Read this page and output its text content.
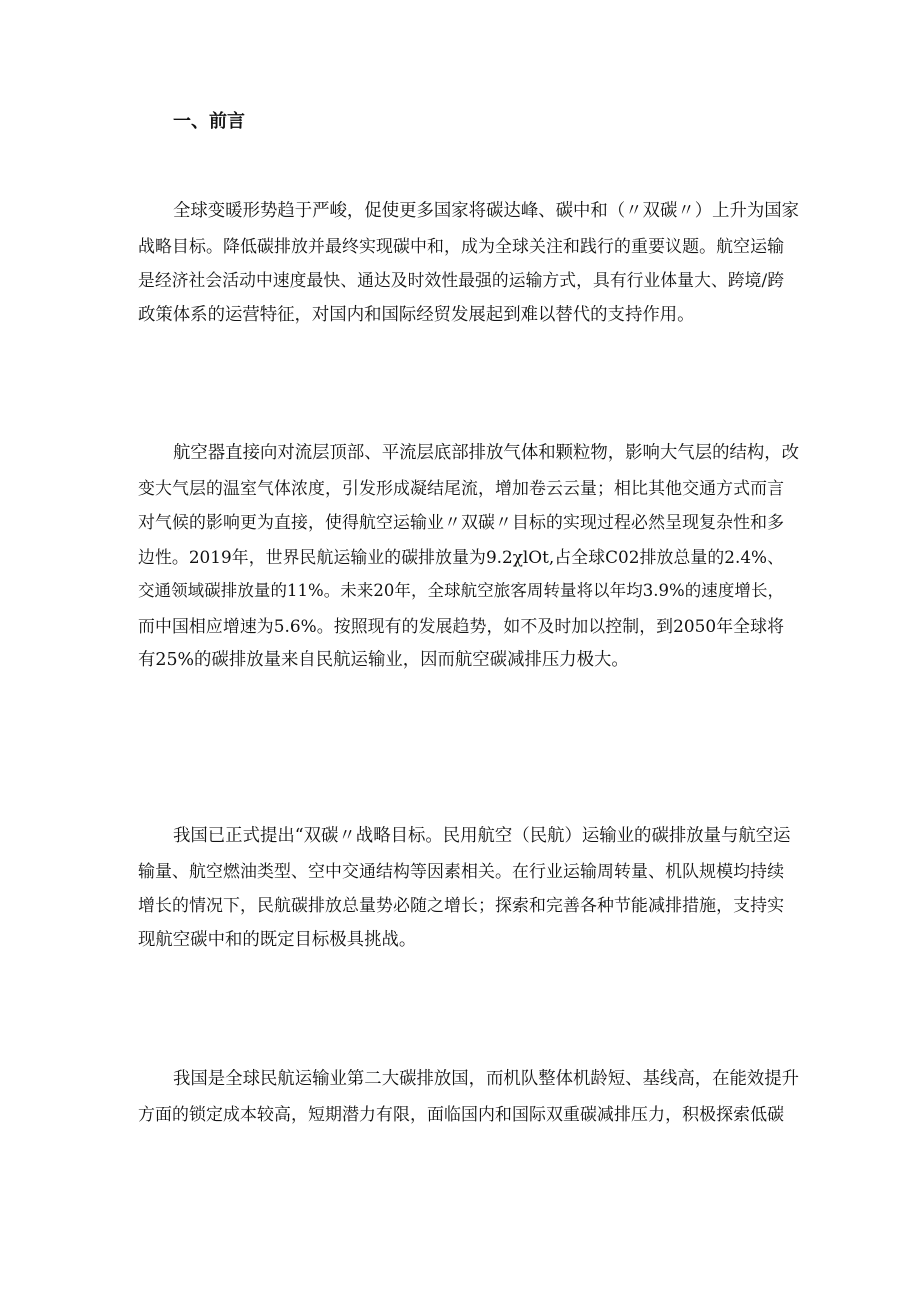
一、前言

全球变暖形势趋于严峻，促使更多国家将碳达峰、碳中和（〃双碳〃）上升为国家
战略目标。降低碳排放并最终实现碳中和，成为全球关注和践行的重要议题。航空运输
是经济社会活动中速度最快、通达及时效性最强的运输方式，具有行业体量大、跨境/跨
政策体系的运营特征，对国内和国际经贸发展起到难以替代的支持作用。

航空器直接向对流层顶部、平流层底部排放气体和颗粒物，影响大气层的结构，改
变大气层的温室气体浓度，引发形成凝结尾流，增加卷云云量；相比其他交通方式而言
对气候的影响更为直接，使得航空运输业〃双碳〃目标的实现过程必然呈现复杂性和多
边性。2019年，世界民航运输业的碳排放量为9.2χlOt,占全球C02排放总量的2.4%、
交通领域碳排放量的11%。未来20年，全球航空旅客周转量将以年均3.9%的速度增长，
而中国相应增速为5.6%。按照现有的发展趋势，如不及时加以控制，到2050年全球将
有25%的碳排放量来自民航运输业，因而航空碳减排压力极大。

我国已正式提出“双碳〃战略目标。民用航空（民航）运输业的碳排放量与航空运
输量、航空燃油类型、空中交通结构等因素相关。在行业运输周转量、机队规模均持续
增长的情况下，民航碳排放总量势必随之增长；探索和完善各种节能减排措施，支持实
现航空碳中和的既定目标极具挑战。

我国是全球民航运输业第二大碳排放国，而机队整体机龄短、基线高，在能效提升
方面的锁定成本较高，短期潜力有限，面临国内和国际双重碳减排压力，积极探索低碳
